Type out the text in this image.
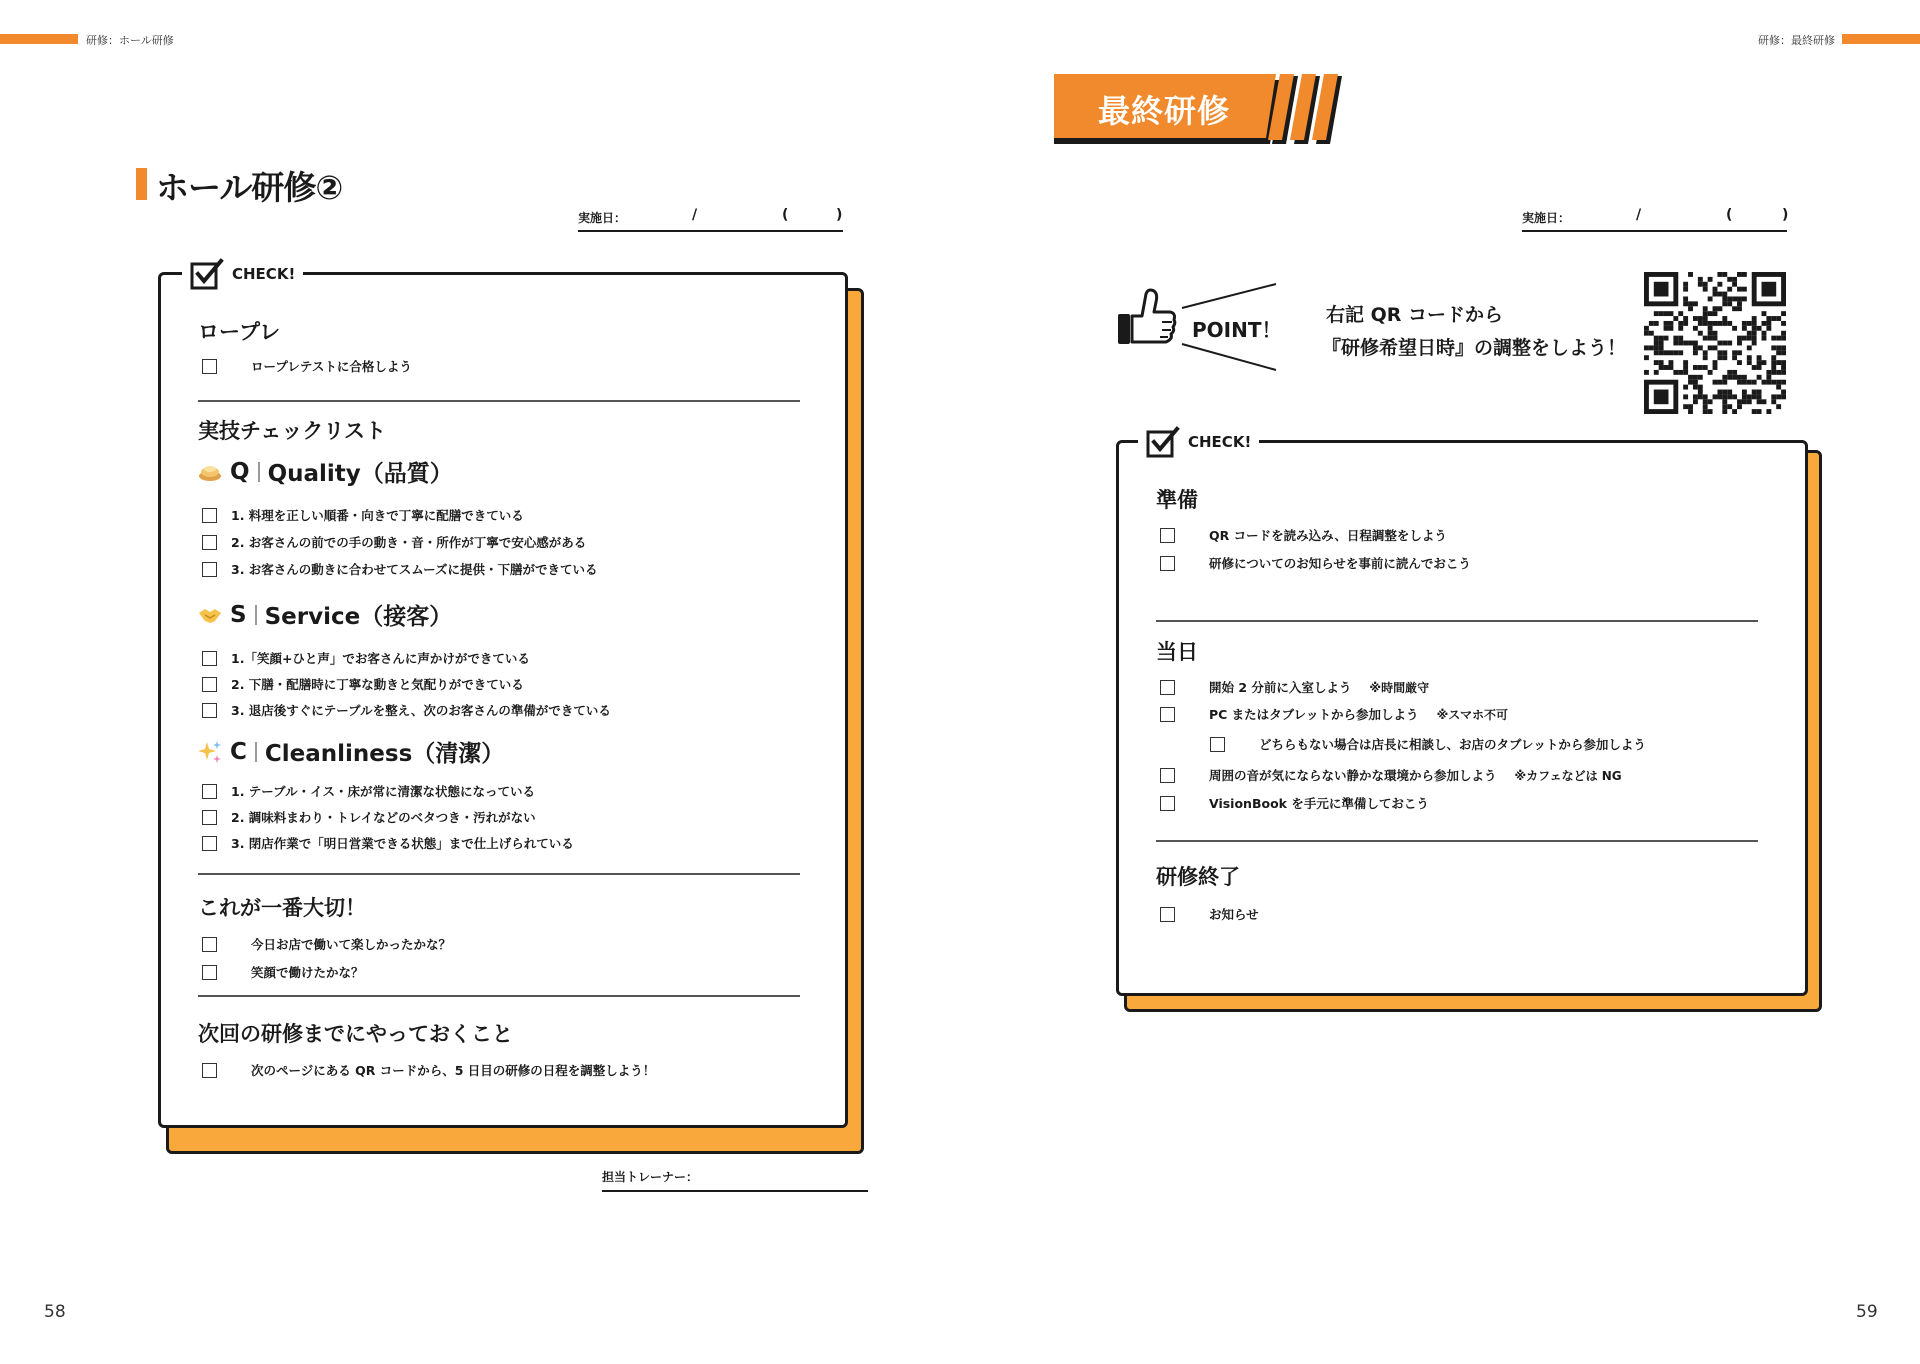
研修：ホール研修
ホール研修②
実施日：	/	(	)
CHECK!
ロープレ
ロープレテストに合格しよう
実技チェックリスト
Q Quality（品質）
1. 料理を正しい順番・向きで丁寧に配膳できている
2. お客さんの前での手の動き・音・所作が丁寧で安心感がある
3. お客さんの動きに合わせてスムーズに提供・下膳ができている
S Service（接客）
1.「笑顔+ひと声」でお客さんに声かけができている
2. 下膳・配膳時に丁寧な動きと気配りができている
3. 退店後すぐにテーブルを整え、次のお客さんの準備ができている
C Cleanliness（清潔）
1. テーブル・イス・床が常に清潔な状態になっている
2. 調味料まわり・トレイなどのベタつき・汚れがない
3. 閉店作業で「明日営業できる状態」まで仕上げられている
これが一番大切！
今日お店で働いて楽しかったかな？
笑顔で働けたかな？
次回の研修までにやっておくこと
次のページにある QR コードから、5 日目の研修の日程を調整しよう！
担当トレーナー：
58
研修：最終研修
最終研修
実施日：	/	(	)
POINT！
右記 QR コードから
『研修希望日時』の調整をしよう！
CHECK!
準備
QR コードを読み込み、日程調整をしよう
研修についてのお知らせを事前に読んでおこう
当日
開始 2 分前に入室しよう ※時間厳守
PC またはタブレットから参加しよう ※スマホ不可
どちらもない場合は店長に相談し、お店のタブレットから参加しよう
周囲の音が気にならない静かな環境から参加しよう ※カフェなどは NG
VisionBook を手元に準備しておこう
研修終了
お知らせ
59
